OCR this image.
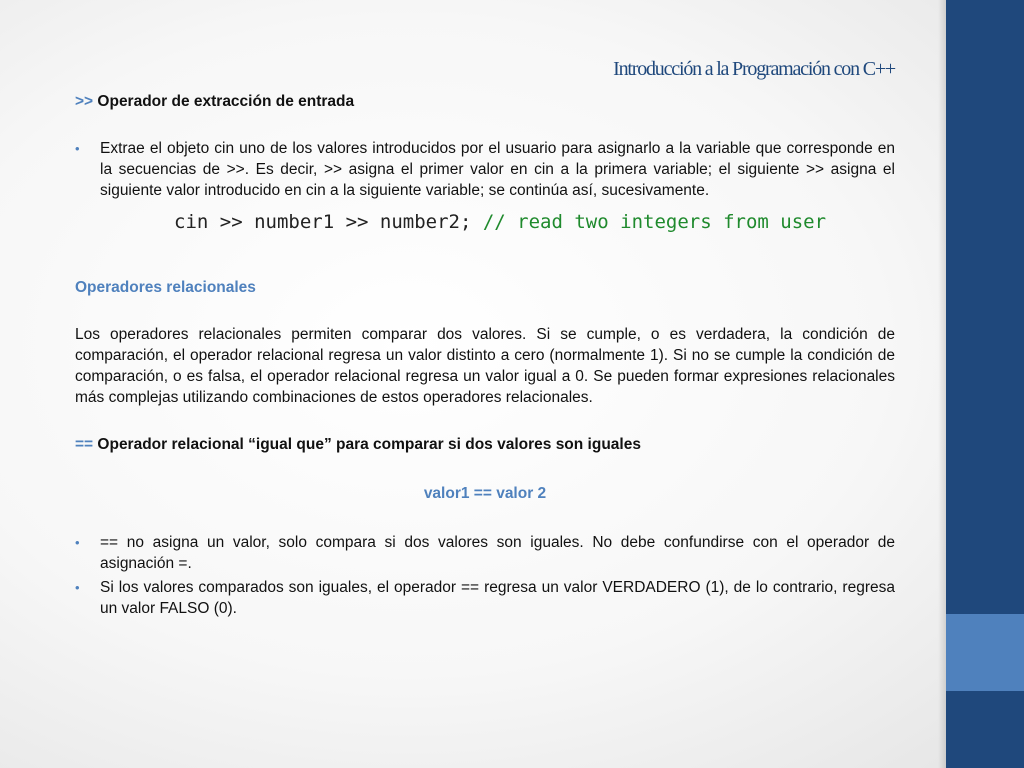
Introducción a la Programación con C++

>> Operador de extracción de entrada

• Extrae el objeto cin uno de los valores introducidos por el usuario para asignarlo a la variable que corresponde en la secuencias de >>. Es decir, >> asigna el primer valor en cin a la primera variable; el siguiente >> asigna el siguiente valor introducido en cin a la siguiente variable; se continúa así, sucesivamente.
cin >> number1 >> number2; // read two integers from user

Operadores relacionales

Los operadores relacionales permiten comparar dos valores. Si se cumple, o es verdadera, la condición de comparación, el operador relacional regresa un valor distinto a cero (normalmente 1). Si no se cumple la condición de comparación, o es falsa, el operador relacional regresa un valor igual a 0. Se pueden formar expresiones relacionales más complejas utilizando combinaciones de estos operadores relacionales.

== Operador relacional “igual que” para comparar si dos valores son iguales

valor1 == valor 2

• == no asigna un valor, solo compara si dos valores son iguales. No debe confundirse con el operador de asignación =.
• Si los valores comparados son iguales, el operador == regresa un valor VERDADERO (1), de lo contrario, regresa un valor FALSO (0).
